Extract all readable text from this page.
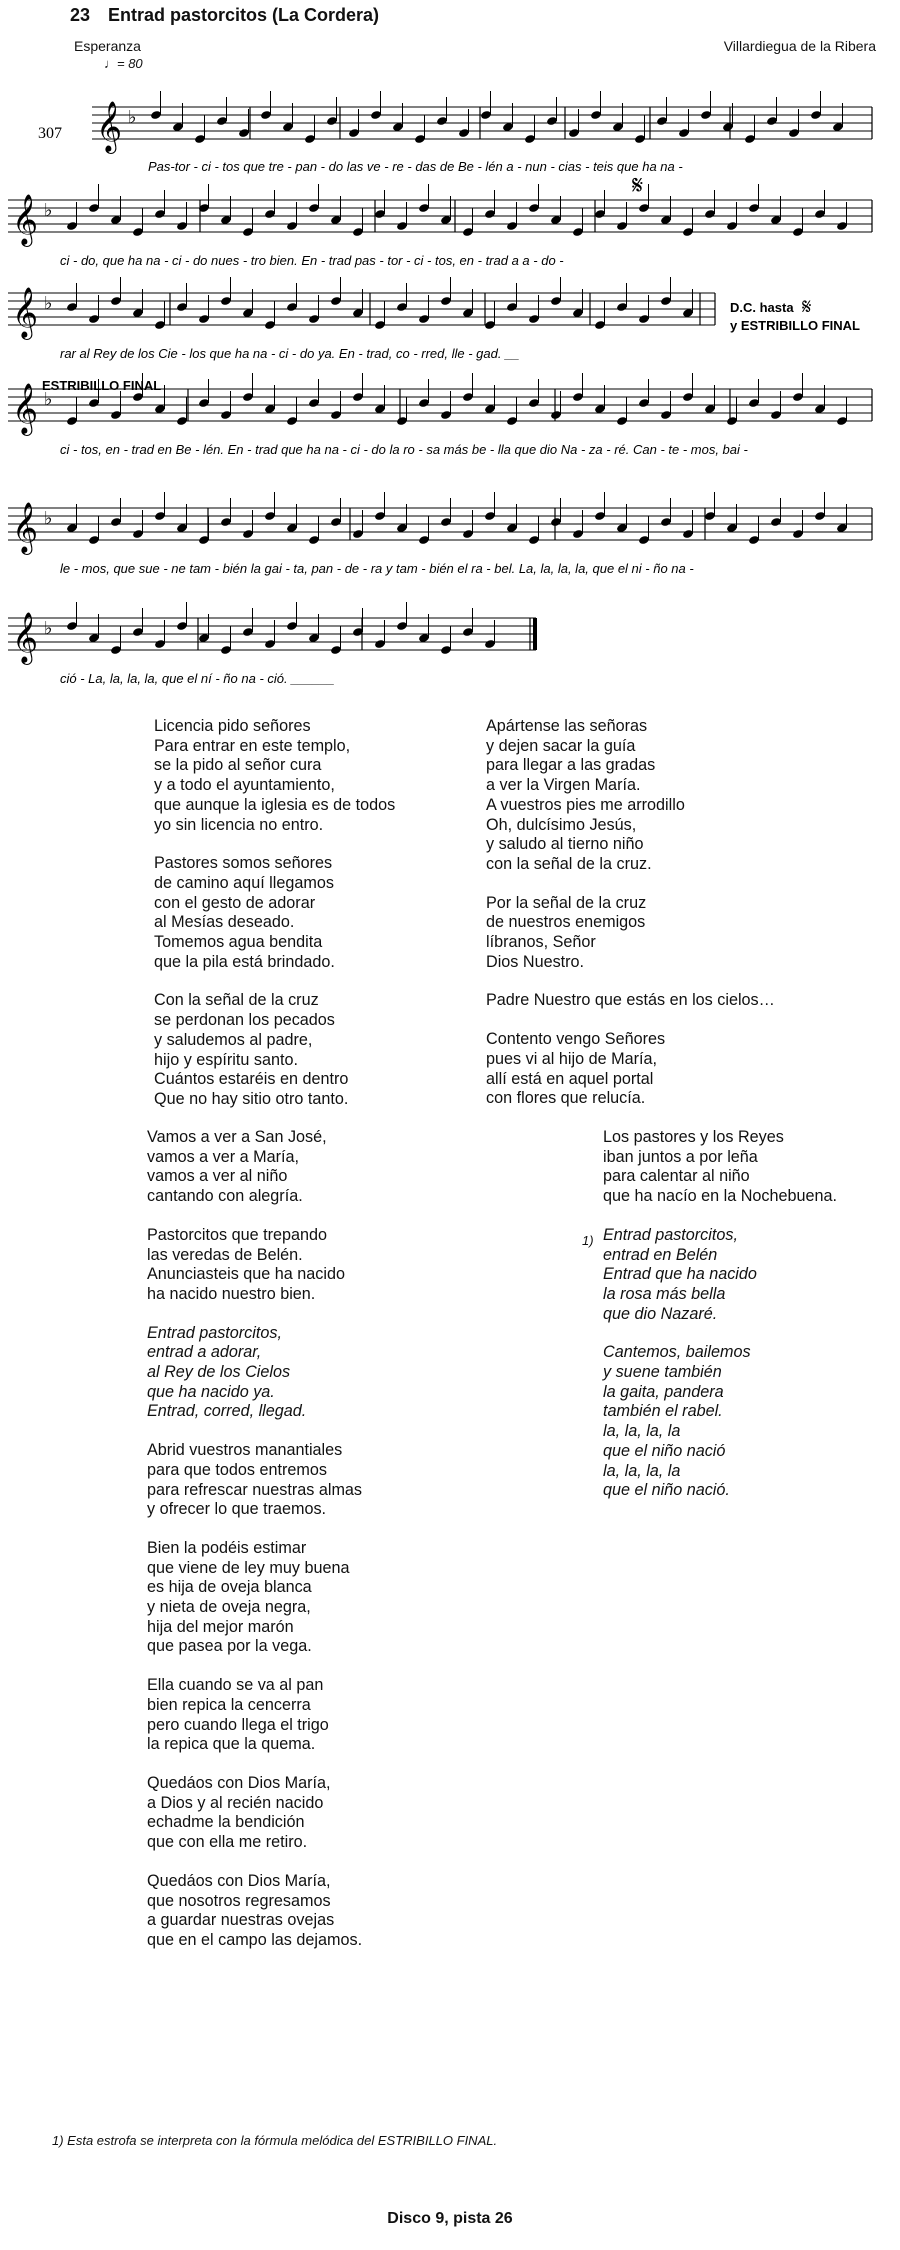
23 Entrad pastorcitos (La Cordera)
Esperanza	Villardiegua de la Ribera
♩= 80
307 𝄞 ♭
𝄞 ♭
𝄞 ♭
𝄞 ♭
𝄞 ♭
𝄞 ♭
Pas-tor - ci - tos que tre - pan - do las ve - re - das de Be - lén a - nun - cias - teis que ha na -
ci - do, que ha na - ci - do nues - tro bien. En - trad pas - tor - ci - tos, en - trad a a - do -
rar al Rey de los Cie - los que ha na - ci - do ya. En - trad, co - rred, lle - gad. __
ci - tos, en - trad en Be - lén. En - trad que ha na - ci - do la ro - sa más be - lla que dio Na - za - ré. Can - te - mos, bai -
le - mos, que sue - ne tam - bién la gai - ta, pan - de - ra y tam - bién el ra - bel. La, la, la, la, que el ni - ño na -
ció - La, la, la, la, que el ní - ño na - ció. ______
𝄋
D.C. hasta 𝄋
y ESTRIBILLO FINAL
ESTRIBILLO FINAL
Licencia pido señores
Para entrar en este templo,
se la pido al señor cura
y a todo el ayuntamiento,
que aunque la iglesia es de todos
yo sin licencia no entro.
Pastores somos señores
de camino aquí llegamos
con el gesto de adorar
al Mesías deseado.
Tomemos agua bendita
que la pila está brindado.
Con la señal de la cruz
se perdonan los pecados
y saludemos al padre,
hijo y espíritu santo.
Cuántos estaréis en dentro
Que no hay sitio otro tanto.
Apártense las señoras
y dejen sacar la guía
para llegar a las gradas
a ver la Virgen María.
A vuestros pies me arrodillo
Oh, dulcísimo Jesús,
y saludo al tierno niño
con la señal de la cruz.
Por la señal de la cruz
de nuestros enemigos
líbranos, Señor
Dios Nuestro.
Padre Nuestro que estás en los cielos…
Contento vengo Señores
pues vi al hijo de María,
allí está en aquel portal
con flores que relucía.
Vamos a ver a San José,
vamos a ver a María,
vamos a ver al niño
cantando con alegría.
Pastorcitos que trepando
las veredas de Belén.
Anunciasteis que ha nacido
ha nacido nuestro bien.
Entrad pastorcitos,
entrad a adorar,
al Rey de los Cielos
que ha nacido ya.
Entrad, corred, llegad.
Abrid vuestros manantiales
para que todos entremos
para refrescar nuestras almas
y ofrecer lo que traemos.
Bien la podéis estimar
que viene de ley muy buena
es hija de oveja blanca
y nieta de oveja negra,
hija del mejor marón
que pasea por la vega.
Ella cuando se va al pan
bien repica la cencerra
pero cuando llega el trigo
la repica que la quema.
Quedáos con Dios María,
a Dios y al recién nacido
echadme la bendición
que con ella me retiro.
Quedáos con Dios María,
que nosotros regresamos
a guardar nuestras ovejas
que en el campo las dejamos.
1)
Los pastores y los Reyes
iban juntos a por leña
para calentar al niño
que ha nacío en la Nochebuena.
Entrad pastorcitos,
entrad en Belén
Entrad que ha nacido
la rosa más bella
que dio Nazaré.
Cantemos, bailemos
y suene también
la gaita, pandera
también el rabel.
la, la, la, la
que el niño nació
la, la, la, la
que el niño nació.
1) Esta estrofa se interpreta con la fórmula melódica del ESTRIBILLO FINAL.
Disco 9, pista 26
